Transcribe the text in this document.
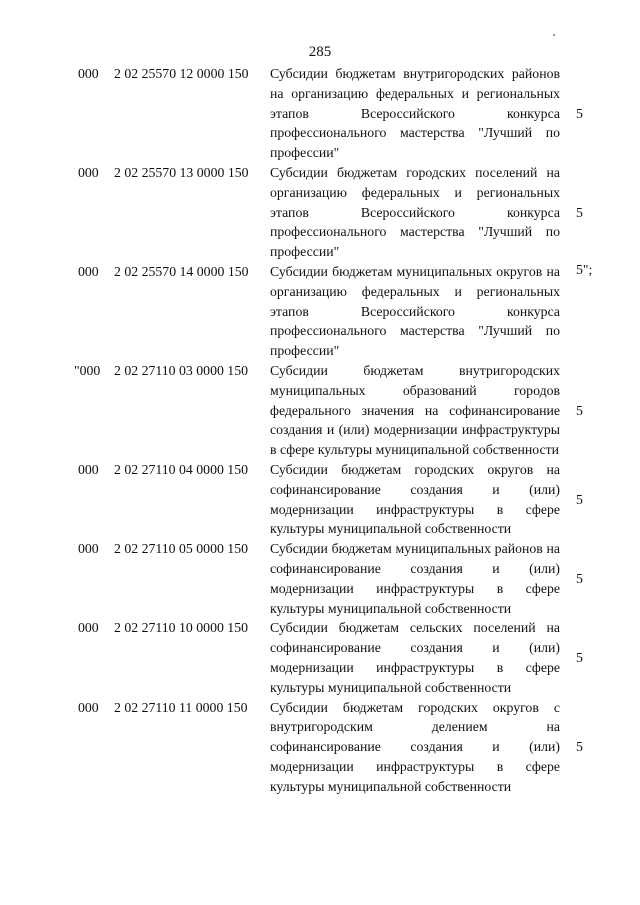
285
000 2 02 25570 12 0000 150 Субсидии бюджетам внутригородских районов на организацию федеральных и региональных этапов Всероссийского конкурса профессионального мастерства "Лучший по профессии"
5
000 2 02 25570 13 0000 150 Субсидии бюджетам городских поселений на организацию федеральных и региональных этапов Всероссийского конкурса профессионального мастерства "Лучший по профессии"
5
000 2 02 25570 14 0000 150 Субсидии бюджетам муниципальных округов на организацию федеральных и региональных этапов Всероссийского конкурса профессионального мастерства "Лучший по профессии"
5";
"000 2 02 27110 03 0000 150 Субсидии бюджетам внутригородских муниципальных образований городов федерального значения на софинансирование создания и (или) модернизации инфраструктуры в сфере культуры муниципальной собственности
5
000 2 02 27110 04 0000 150 Субсидии бюджетам городских округов на софинансирование создания и (или) модернизации инфраструктуры в сфере культуры муниципальной собственности
5
000 2 02 27110 05 0000 150 Субсидии бюджетам муниципальных районов на софинансирование создания и (или) модернизации инфраструктуры в сфере культуры муниципальной собственности
5
000 2 02 27110 10 0000 150 Субсидии бюджетам сельских поселений на софинансирование создания и (или) модернизации инфраструктуры в сфере культуры муниципальной собственности
5
000 2 02 27110 11 0000 150 Субсидии бюджетам городских округов с внутригородским делением на софинансирование создания и (или) модернизации инфраструктуры в сфере культуры муниципальной собственности
5
